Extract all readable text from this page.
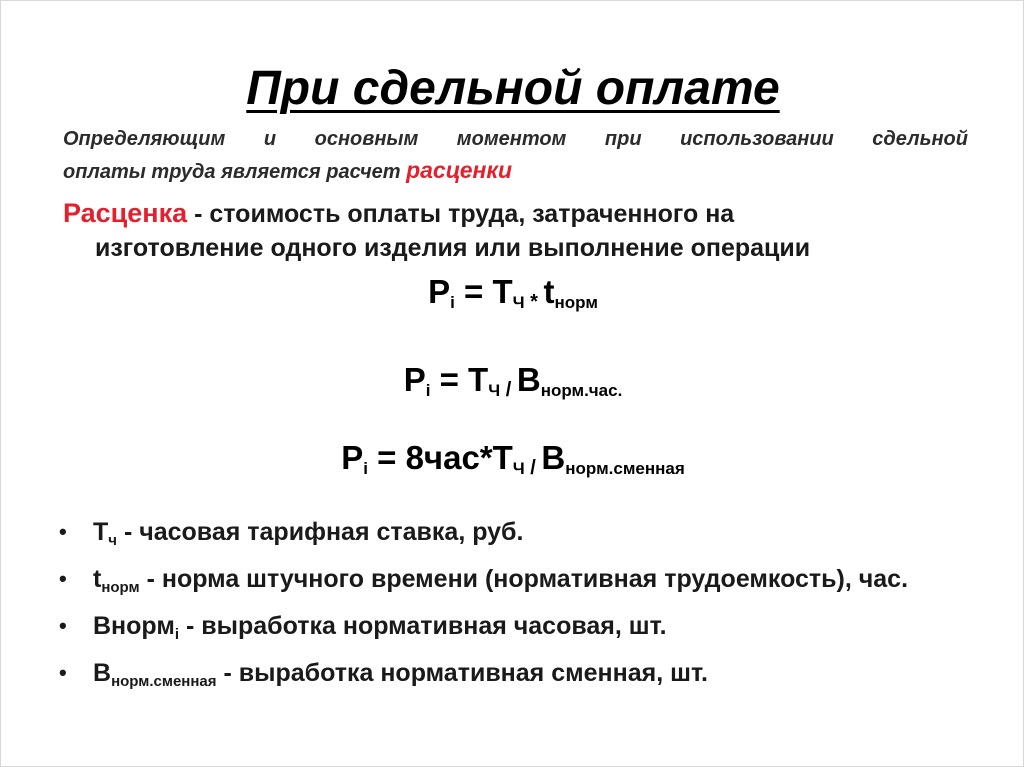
При сдельной оплате
Определяющим и основным моментом при использовании сдельной
оплаты труда является расчет расценки
Расценка - стоимость оплаты труда, затраченного на
изготовление одного изделия или выполнение операции
$Р_i = Т_Ч * t_{норм}$
$Р_i = Т_Ч / В_{норм.час.}$
$Р_i = 8час*Т_Ч / В_{норм.сменная}$
• $Т_ч$ - часовая тарифная ставка, руб.
• $t_{норм}$ - норма штучного времени (нормативная трудоемкость), час.
• Внорм$_i$ - выработка нормативная часовая, шт.
• $В_{норм.сменная}$ - выработка нормативная сменная, шт.
